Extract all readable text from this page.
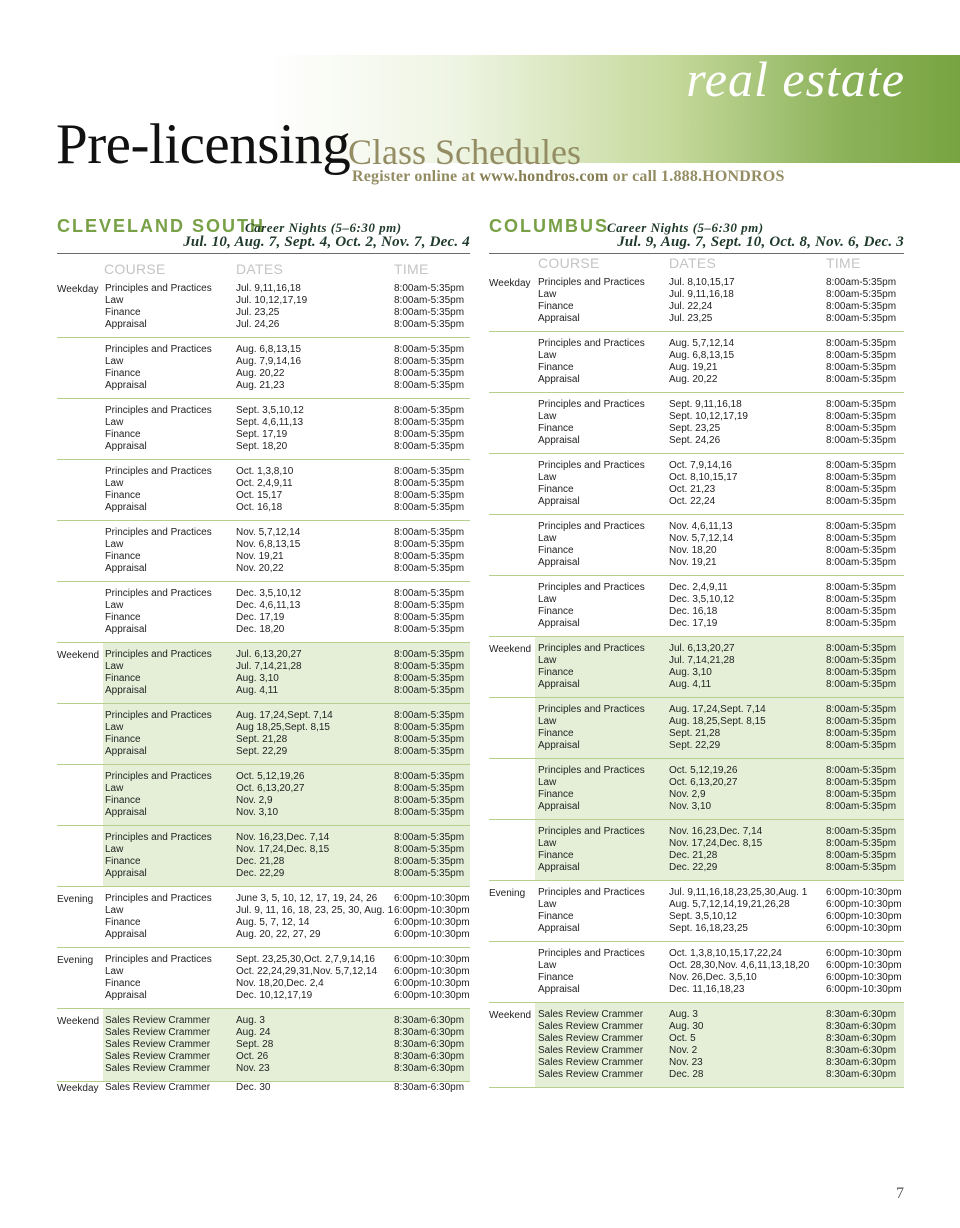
real estate
Pre-licensing
Class Schedules
Register online at www.hondros.com or call 1.888.HONDROS
CLEVELAND SOUTH
Career Nights (5–6:30 pm)
Jul. 10, Aug. 7, Sept. 4, Oct. 2, Nov. 7, Dec. 4
COURSE	DATES	TIME
Weekday Principles and Practices Jul. 9,11,16,18	8:00am-5:35pm
Law	Jul. 10,12,17,19	8:00am-5:35pm
Finance	Jul. 23,25	8:00am-5:35pm
Appraisal	Jul. 24,26	8:00am-5:35pm
Principles and Practices Aug. 6,8,13,15	8:00am-5:35pm
Law	Aug. 7,9,14,16	8:00am-5:35pm
Finance	Aug. 20,22	8:00am-5:35pm
Appraisal	Aug. 21,23	8:00am-5:35pm
Principles and Practices Sept. 3,5,10,12	8:00am-5:35pm
Law	Sept. 4,6,11,13	8:00am-5:35pm
Finance	Sept. 17,19	8:00am-5:35pm
Appraisal	Sept. 18,20	8:00am-5:35pm
Principles and Practices Oct. 1,3,8,10	8:00am-5:35pm
Law	Oct. 2,4,9,11	8:00am-5:35pm
Finance	Oct. 15,17	8:00am-5:35pm
Appraisal	Oct. 16,18	8:00am-5:35pm
Principles and Practices Nov. 5,7,12,14	8:00am-5:35pm
Law	Nov. 6,8,13,15	8:00am-5:35pm
Finance	Nov. 19,21	8:00am-5:35pm
Appraisal	Nov. 20,22	8:00am-5:35pm
Principles and Practices Dec. 3,5,10,12	8:00am-5:35pm
Law	Dec. 4,6,11,13	8:00am-5:35pm
Finance	Dec. 17,19	8:00am-5:35pm
Appraisal	Dec. 18,20	8:00am-5:35pm
Weekend Principles and Practices Jul. 6,13,20,27	8:00am-5:35pm
Law	Jul. 7,14,21,28	8:00am-5:35pm
Finance	Aug. 3,10	8:00am-5:35pm
Appraisal	Aug. 4,11	8:00am-5:35pm
Principles and Practices Aug. 17,24,Sept. 7,14	8:00am-5:35pm
Law	Aug 18,25,Sept. 8,15	8:00am-5:35pm
Finance	Sept. 21,28	8:00am-5:35pm
Appraisal	Sept. 22,29	8:00am-5:35pm
Principles and Practices Oct. 5,12,19,26	8:00am-5:35pm
Law	Oct. 6,13,20,27	8:00am-5:35pm
Finance	Nov. 2,9	8:00am-5:35pm
Appraisal	Nov. 3,10	8:00am-5:35pm
Principles and Practices Nov. 16,23,Dec. 7,14	8:00am-5:35pm
Law	Nov. 17,24,Dec. 8,15	8:00am-5:35pm
Finance	Dec. 21,28	8:00am-5:35pm
Appraisal	Dec. 22,29	8:00am-5:35pm
Evening Principles and Practices June 3, 5, 10, 12, 17, 19, 24, 26 6:00pm-10:30pm
Law	Jul. 9, 11, 16, 18, 23, 25, 30, Aug. 1 6:00pm-10:30pm
Finance	Aug. 5, 7, 12, 14	6:00pm-10:30pm
Appraisal	Aug. 20, 22, 27, 29	6:00pm-10:30pm
Evening Principles and Practices Sept. 23,25,30,Oct. 2,7,9,14,16 6:00pm-10:30pm
Law	Oct. 22,24,29,31,Nov. 5,7,12,14 6:00pm-10:30pm
Finance	Nov. 18,20,Dec. 2,4	6:00pm-10:30pm
Appraisal	Dec. 10,12,17,19	6:00pm-10:30pm
Weekend Sales Review Crammer	Aug. 3	8:30am-6:30pm
Sales Review Crammer	Aug. 24	8:30am-6:30pm
Sales Review Crammer	Sept. 28	8:30am-6:30pm
Sales Review Crammer	Oct. 26	8:30am-6:30pm
Sales Review Crammer	Nov. 23	8:30am-6:30pm
Weekday Sales Review Crammer	Dec. 30	8:30am-6:30pm
COLUMBUS
Career Nights (5–6:30 pm)
Jul. 9, Aug. 7, Sept. 10, Oct. 8, Nov. 6, Dec. 3
COURSE	DATES	TIME
Weekday Principles and Practices Jul. 8,10,15,17	8:00am-5:35pm
Law	Jul. 9,11,16,18	8:00am-5:35pm
Finance	Jul. 22,24	8:00am-5:35pm
Appraisal	Jul. 23,25	8:00am-5:35pm
Principles and Practices Aug. 5,7,12,14	8:00am-5:35pm
Law	Aug. 6,8,13,15	8:00am-5:35pm
Finance	Aug. 19,21	8:00am-5:35pm
Appraisal	Aug. 20,22	8:00am-5:35pm
Principles and Practices Sept. 9,11,16,18	8:00am-5:35pm
Law	Sept. 10,12,17,19	8:00am-5:35pm
Finance	Sept. 23,25	8:00am-5:35pm
Appraisal	Sept. 24,26	8:00am-5:35pm
Principles and Practices Oct. 7,9,14,16	8:00am-5:35pm
Law	Oct. 8,10,15,17	8:00am-5:35pm
Finance	Oct. 21,23	8:00am-5:35pm
Appraisal	Oct. 22,24	8:00am-5:35pm
Principles and Practices Nov. 4,6,11,13	8:00am-5:35pm
Law	Nov. 5,7,12,14	8:00am-5:35pm
Finance	Nov. 18,20	8:00am-5:35pm
Appraisal	Nov. 19,21	8:00am-5:35pm
Principles and Practices Dec. 2,4,9,11	8:00am-5:35pm
Law	Dec. 3,5,10,12	8:00am-5:35pm
Finance	Dec. 16,18	8:00am-5:35pm
Appraisal	Dec. 17,19	8:00am-5:35pm
Weekend Principles and Practices Jul. 6,13,20,27	8:00am-5:35pm
Law	Jul. 7,14,21,28	8:00am-5:35pm
Finance	Aug. 3,10	8:00am-5:35pm
Appraisal	Aug. 4,11	8:00am-5:35pm
Principles and Practices Aug. 17,24,Sept. 7,14	8:00am-5:35pm
Law	Aug. 18,25,Sept. 8,15	8:00am-5:35pm
Finance	Sept. 21,28	8:00am-5:35pm
Appraisal	Sept. 22,29	8:00am-5:35pm
Principles and Practices Oct. 5,12,19,26	8:00am-5:35pm
Law	Oct. 6,13,20,27	8:00am-5:35pm
Finance	Nov. 2,9	8:00am-5:35pm
Appraisal	Nov. 3,10	8:00am-5:35pm
Principles and Practices Nov. 16,23,Dec. 7,14	8:00am-5:35pm
Law	Nov. 17,24,Dec. 8,15	8:00am-5:35pm
Finance	Dec. 21,28	8:00am-5:35pm
Appraisal	Dec. 22,29	8:00am-5:35pm
Evening Principles and Practices Jul. 9,11,16,18,23,25,30,Aug. 1 6:00pm-10:30pm
Law	Aug. 5,7,12,14,19,21,26,28	6:00pm-10:30pm
Finance	Sept. 3,5,10,12	6:00pm-10:30pm
Appraisal	Sept. 16,18,23,25	6:00pm-10:30pm
Principles and Practices Oct. 1,3,8,10,15,17,22,24	6:00pm-10:30pm
Law	Oct. 28,30,Nov. 4,6,11,13,18,20 6:00pm-10:30pm
Finance	Nov. 26,Dec. 3,5,10	6:00pm-10:30pm
Appraisal	Dec. 11,16,18,23	6:00pm-10:30pm
Weekend Sales Review Crammer	Aug. 3	8:30am-6:30pm
Sales Review Crammer	Aug. 30	8:30am-6:30pm
Sales Review Crammer	Oct. 5	8:30am-6:30pm
Sales Review Crammer	Nov. 2	8:30am-6:30pm
Sales Review Crammer	Nov. 23	8:30am-6:30pm
Sales Review Crammer	Dec. 28	8:30am-6:30pm
7
